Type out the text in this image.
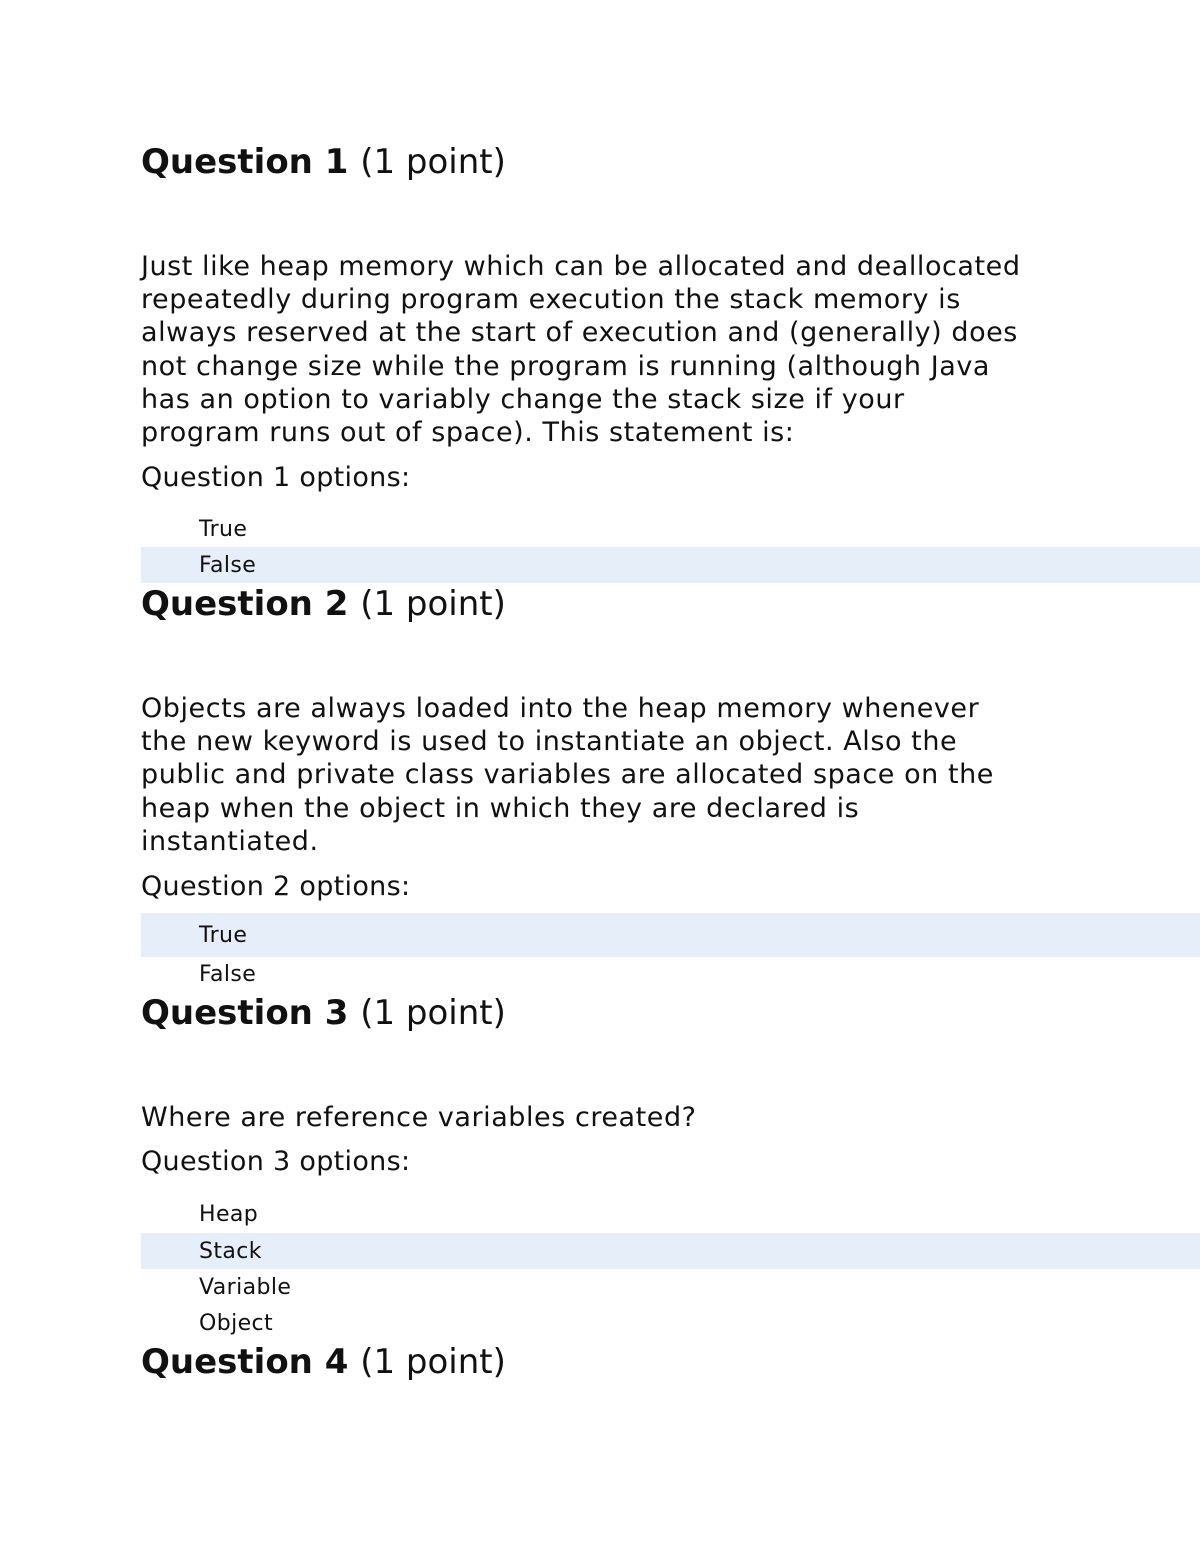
Question 1 (1 point)

Just like heap memory which can be allocated and deallocated
repeatedly during program execution the stack memory is
always reserved at the start of execution and (generally) does
not change size while the program is running (although Java
has an option to variably change the stack size if your
program runs out of space). This statement is:

Question 1 options:

True
False
Question 2 (1 point)

Objects are always loaded into the heap memory whenever
the new keyword is used to instantiate an object. Also the
public and private class variables are allocated space on the
heap when the object in which they are declared is
instantiated.

Question 2 options:

True
False
Question 3 (1 point)

Where are reference variables created?

Question 3 options:

Heap
Stack
Variable
Object
Question 4 (1 point)
